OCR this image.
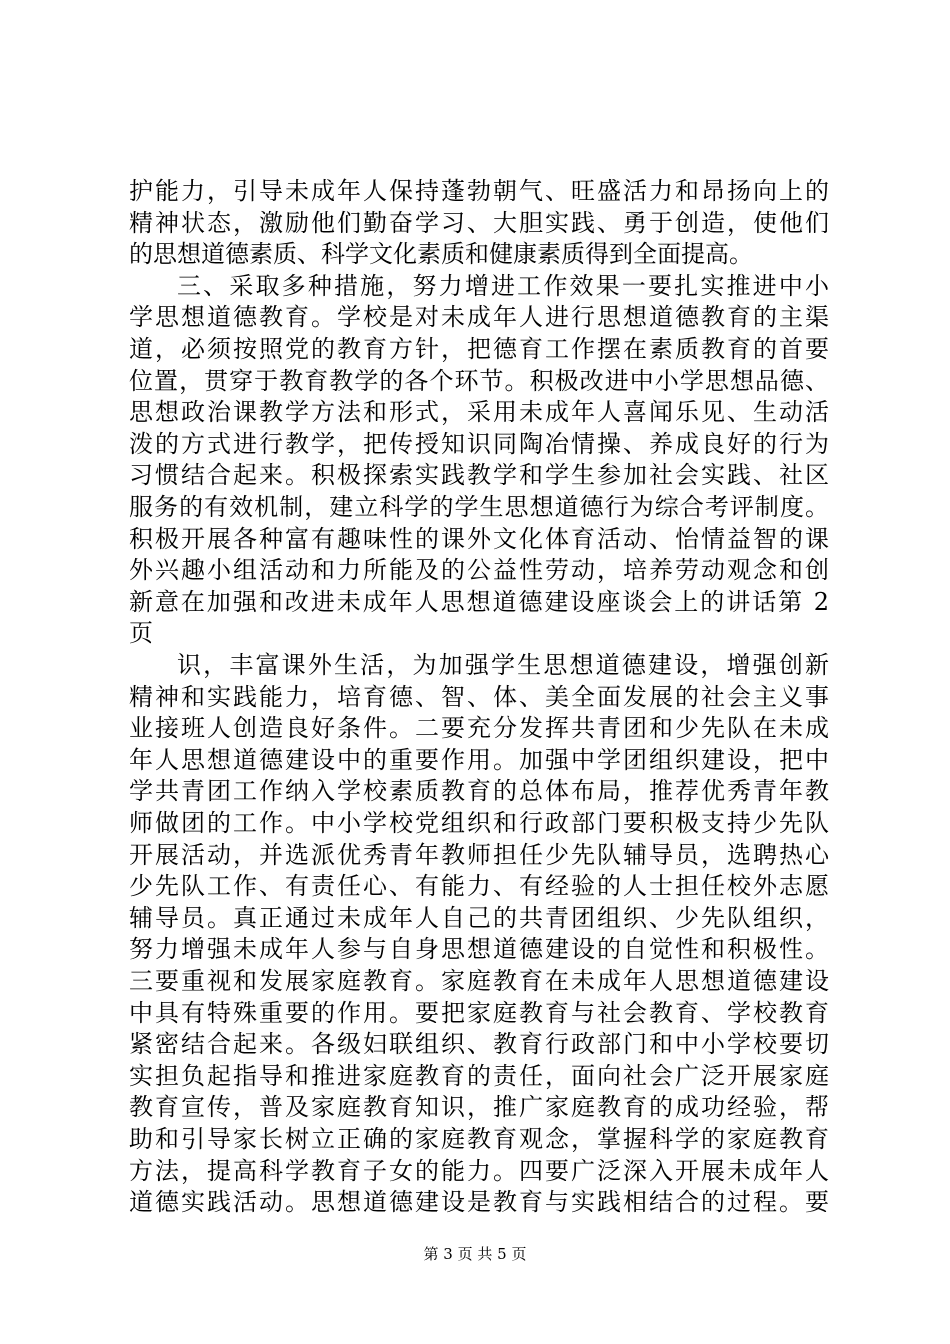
护能力，引导未成年人保持蓬勃朝气、旺盛活力和昂扬向上的
精神状态，激励他们勤奋学习、大胆实践、勇于创造，使他们
的思想道德素质、科学文化素质和健康素质得到全面提高。
三、采取多种措施，努力增进工作效果一要扎实推进中小
学思想道德教育。学校是对未成年人进行思想道德教育的主渠
道，必须按照党的教育方针，把德育工作摆在素质教育的首要
位置，贯穿于教育教学的各个环节。积极改进中小学思想品德、
思想政治课教学方法和形式，采用未成年人喜闻乐见、生动活
泼的方式进行教学，把传授知识同陶冶情操、养成良好的行为
习惯结合起来。积极探索实践教学和学生参加社会实践、社区
服务的有效机制，建立科学的学生思想道德行为综合考评制度。
积极开展各种富有趣味性的课外文化体育活动、怡情益智的课
外兴趣小组活动和力所能及的公益性劳动，培养劳动观念和创
新意在加强和改进未成年人思想道德建设座谈会上的讲话第 2
页
识，丰富课外生活，为加强学生思想道德建设，增强创新
精神和实践能力，培育德、智、体、美全面发展的社会主义事
业接班人创造良好条件。二要充分发挥共青团和少先队在未成
年人思想道德建设中的重要作用。加强中学团组织建设，把中
学共青团工作纳入学校素质教育的总体布局，推荐优秀青年教
师做团的工作。中小学校党组织和行政部门要积极支持少先队
开展活动，并选派优秀青年教师担任少先队辅导员，选聘热心
少先队工作、有责任心、有能力、有经验的人士担任校外志愿
辅导员。真正通过未成年人自己的共青团组织、少先队组织，
努力增强未成年人参与自身思想道德建设的自觉性和积极性。
三要重视和发展家庭教育。家庭教育在未成年人思想道德建设
中具有特殊重要的作用。要把家庭教育与社会教育、学校教育
紧密结合起来。各级妇联组织、教育行政部门和中小学校要切
实担负起指导和推进家庭教育的责任，面向社会广泛开展家庭
教育宣传，普及家庭教育知识，推广家庭教育的成功经验，帮
助和引导家长树立正确的家庭教育观念，掌握科学的家庭教育
方法，提高科学教育子女的能力。四要广泛深入开展未成年人
道德实践活动。思想道德建设是教育与实践相结合的过程。要
第 3 页 共 5 页
